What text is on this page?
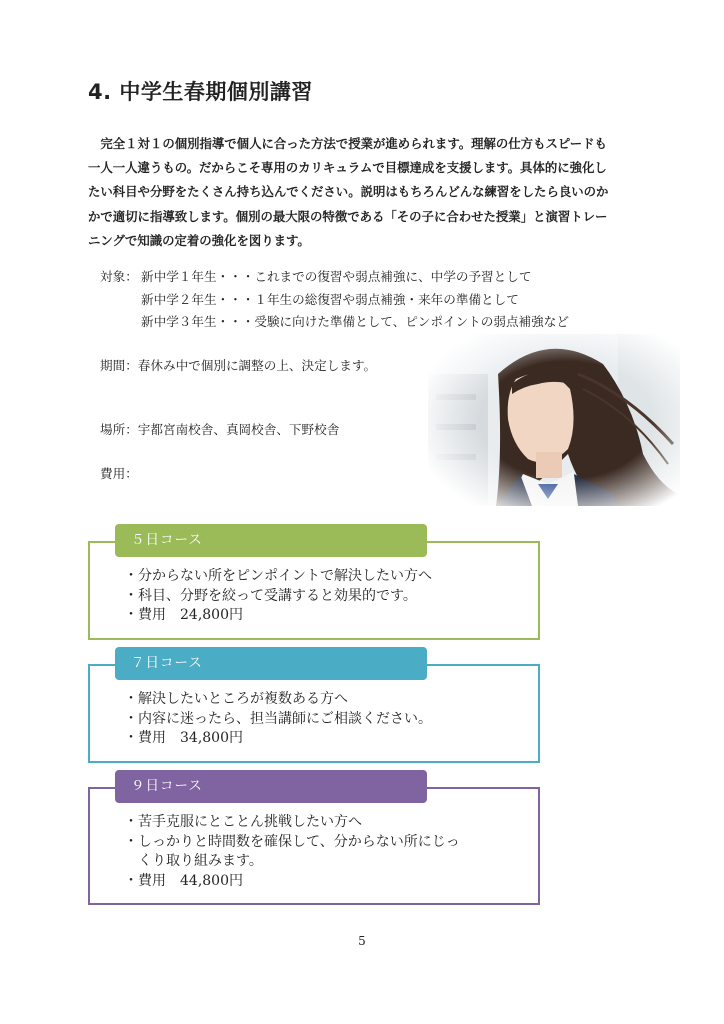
4. 中学生春期個別講習

　完全１対１の個別指導で個人に合った方法で授業が進められます。理解の仕方もスピードも

一人一人違うもの。だからこそ専用のカリキュラムで目標達成を支援します。具体的に強化し

たい科目や分野をたくさん持ち込んでください。説明はもちろんどんな練習をしたら良いのか

かで適切に指導致します。個別の最大限の特徴である「その子に合わせた授業」と演習トレー

ニングで知識の定着の強化を図ります。

対象： 新中学１年生・・・これまでの復習や弱点補強に、中学の予習として
新中学２年生・・・１年生の総復習や弱点補強・来年の準備として
新中学３年生・・・受験に向けた準備として、ピンポイントの弱点補強など
期間：春休み中で個別に調整の上、決定します。
場所：宇都宮南校舎、真岡校舎、下野校舎
費用：
５日コース
・分からない所をピンポイントで解決したい方へ
・科目、分野を絞って受講すると効果的です。
・費用　24,800円
７日コース
・解決したいところが複数ある方へ
・内容に迷ったら、担当講師にご相談ください。
・費用　34,800円
９日コース
・苦手克服にとことん挑戦したい方へ
・しっかりと時間数を確保して、分からない所にじっ
　くり取り組みます。
・費用　44,800円
5
